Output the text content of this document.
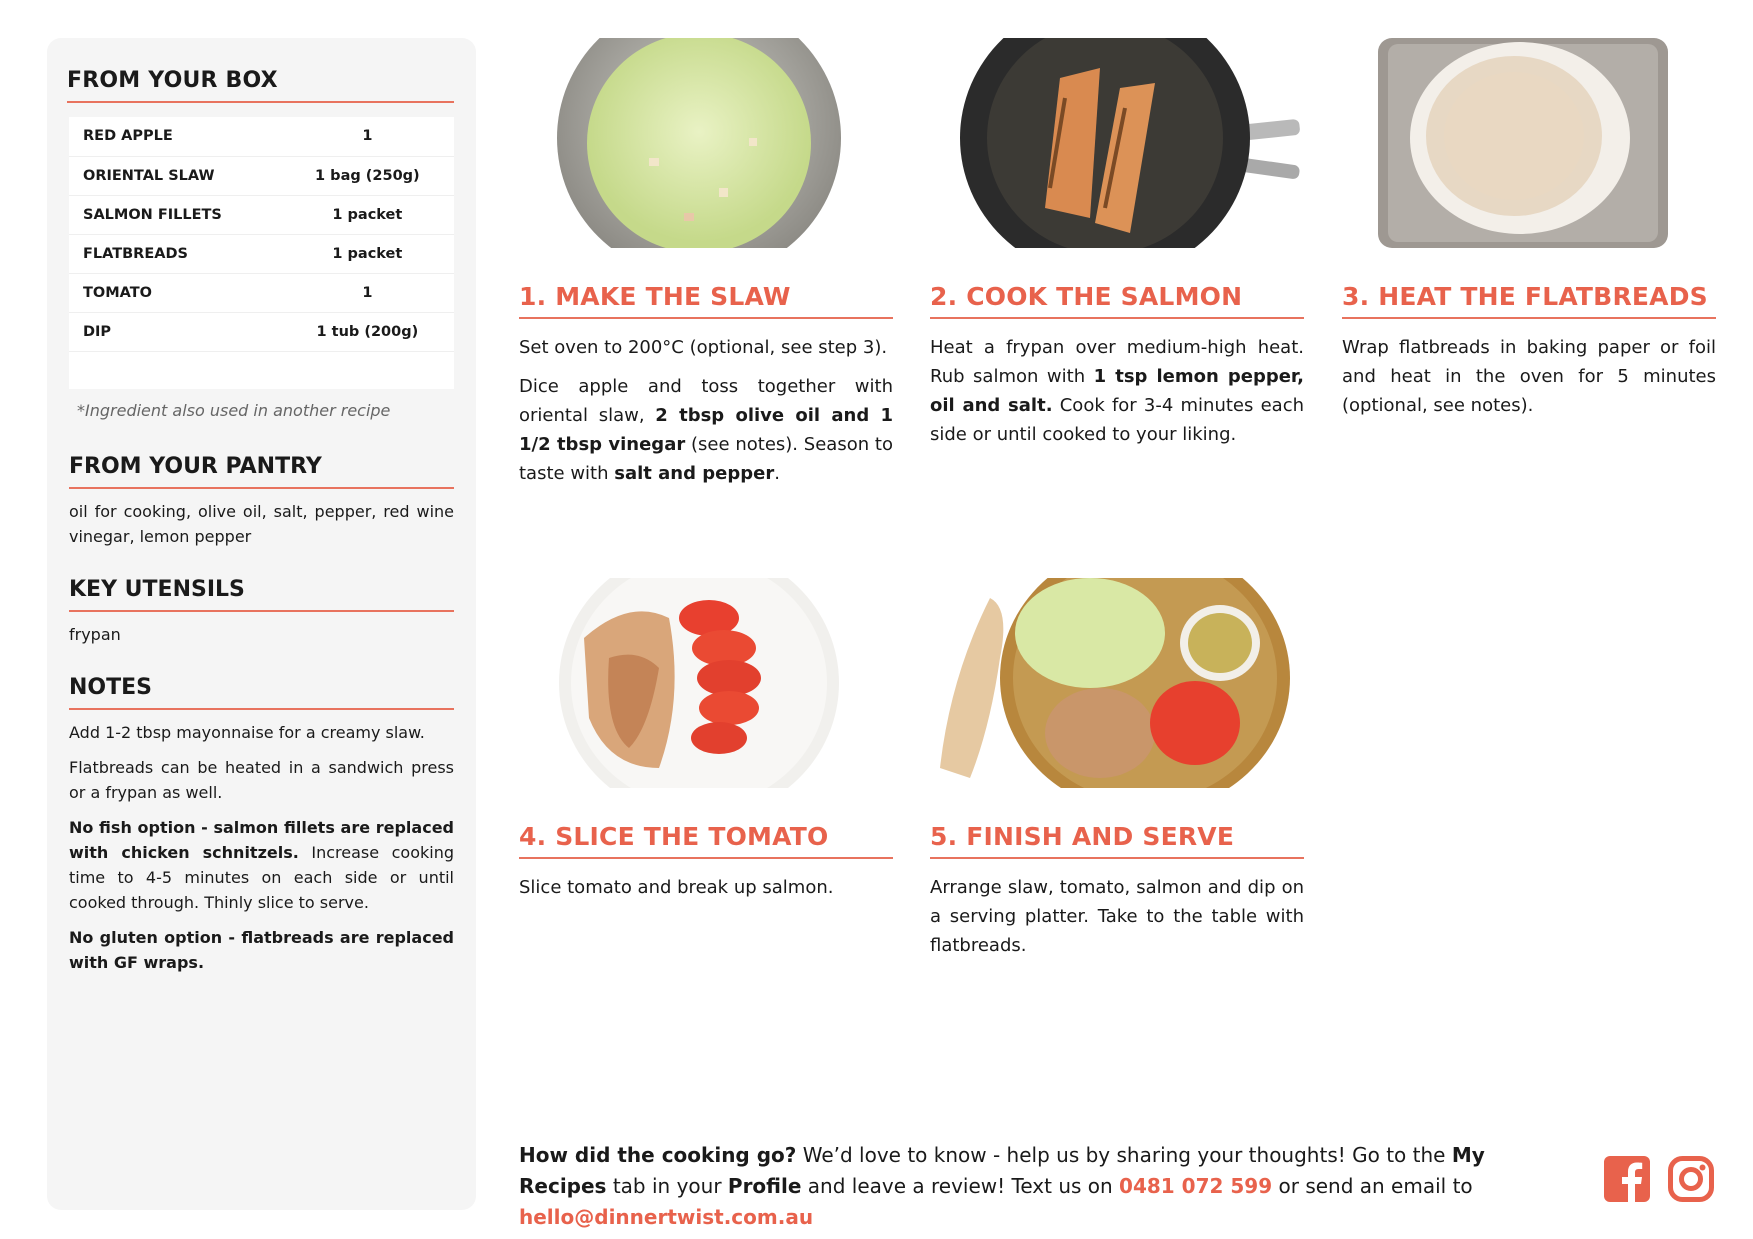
FROM YOUR BOX
RED APPLE	1
ORIENTAL SLAW	1 bag (250g)
SALMON FILLETS	1 packet
FLATBREADS	1 packet
TOMATO	1
DIP	1 tub (200g)

*Ingredient also used in another recipe
FROM YOUR PANTRY
oil for cooking, olive oil, salt, pepper, red wine vinegar, lemon pepper
KEY UTENSILS
frypan
NOTES
Add 1-2 tbsp mayonnaise for a creamy slaw.
Flatbreads can be heated in a sandwich press or a frypan as well.
No fish option - salmon fillets are replaced with chicken schnitzels. Increase cooking time to 4-5 minutes on each side or until cooked through. Thinly slice to serve.
No gluten option - flatbreads are replaced with GF wraps.
1. MAKE THE SLAW
Set oven to 200°C (optional, see step 3).
Dice apple and toss together with oriental slaw, 2 tbsp olive oil and 1 1/2 tbsp vinegar (see notes). Season to taste with salt and pepper.
2. COOK THE SALMON
Heat a frypan over medium-high heat. Rub salmon with 1 tsp lemon pepper, oil and salt. Cook for 3-4 minutes each side or until cooked to your liking.
3. HEAT THE FLATBREADS
Wrap flatbreads in baking paper or foil and heat in the oven for 5 minutes (optional, see notes).
4. SLICE THE TOMATO
Slice tomato and break up salmon.
5. FINISH AND SERVE
Arrange slaw, tomato, salmon and dip on a serving platter. Take to the table with flatbreads.
How did the cooking go? We’d love to know - help us by sharing your thoughts! Go to the My Recipes tab in your Profile and leave a review! Text us on 0481 072 599 or send an email to hello@dinnertwist.com.au
